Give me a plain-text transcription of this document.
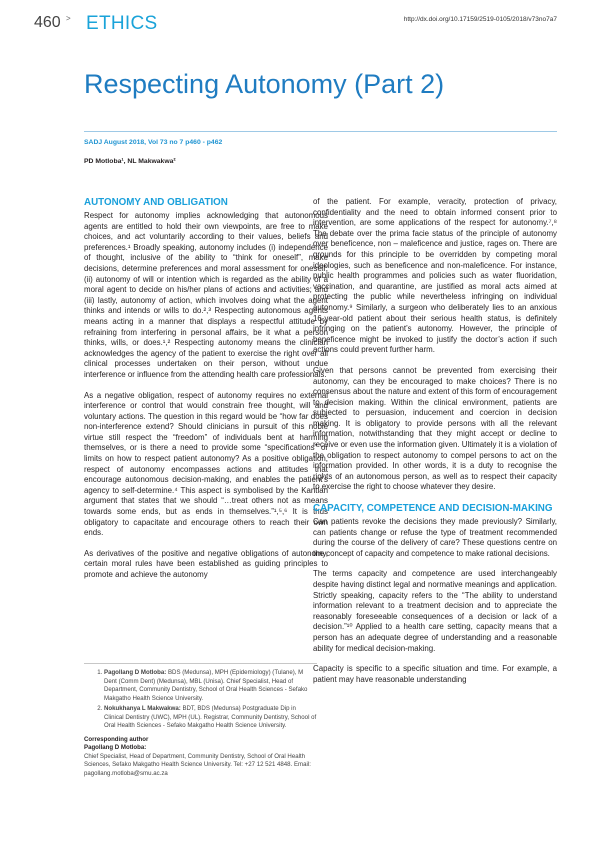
460 > ETHICS	http://dx.doi.org/10.17159/2519-0105/2018/v73no7a7
Respecting Autonomy (Part 2)
SADJ August 2018, Vol 73 no 7 p460 - p462
PD Motloba¹, NL Makwakwa²
AUTONOMY AND OBLIGATION

Respect for autonomy implies acknowledging that autonomous agents are entitled to hold their own viewpoints, are free to make choices, and act voluntarily according to their values, beliefs and preferences.¹ Broadly speaking, autonomy includes (i) independence of thought, inclusive of the ability to “think for oneself”, make decisions, determine preferences and moral assessment for oneself; (ii) autonomy of will or intention which is regarded as the ability of a moral agent to decide on his/her plans of actions and activities; and (iii) lastly, autonomy of action, which involves doing what the agent thinks and intends or wills to do.²,³ Respecting autonomous agents means acting in a manner that displays a respectful attitude by refraining from interfering in personal affairs, be it what a person thinks, wills, or does.¹,² Respecting autonomy means the clinician acknowledges the agency of the patient to exercise the right over all clinical processes undertaken on their person, without undue interference or influence from the attending health care professionals.

As a negative obligation, respect of autonomy requires no external interference or control that would constrain free thought, will and voluntary actions. The question in this regard would be “how far does non-interference extend? Should clinicians in pursuit of this noble virtue still respect the “freedom” of individuals bent at harming themselves, or is there a need to provide some “specifications” or limits on how to respect patient autonomy? As a positive obligation, respect of autonomy encompasses actions and attitudes that encourage autonomous decision-making, and enables the patient’s agency to self-determine.⁴ This aspect is symbolised by the Kantian argument that states that we should “…treat others not as means towards some ends, but as ends in themselves.”¹,⁵,⁶ It is thus obligatory to capacitate and encourage others to reach their own ends.

As derivatives of the positive and negative obligations of autonomy, certain moral rules have been established as guiding principles to promote and achieve the autonomy

of the patient. For example, veracity, protection of privacy, confidentiality and the need to obtain informed consent prior to intervention, are some applications of the respect for autonomy.⁷,⁸ The debate over the prima facie status of the principle of autonomy over beneficence, non – maleficence and justice, rages on. There are grounds for this principle to be overridden by competing moral ideologies, such as beneficence and non-maleficence. For instance, public health programmes and policies such as water fluoridation, vaccination, and quarantine, are justified as moral acts aimed at protecting the public while nevertheless infringing on individual autonomy.⁹ Similarly, a surgeon who deliberately lies to an anxious 16-year-old patient about their serious health status, is definitely infringing on the patient’s autonomy. However, the principle of beneficence might be invoked to justify the doctor’s action if such actions could prevent further harm.

Given that persons cannot be prevented from exercising their autonomy, can they be encouraged to make choices? There is no consensus about the nature and extent of this form of encouragement to decision making. Within the clinical environment, patients are subjected to persuasion, inducement and coercion in decision making. It is obligatory to provide persons with all the relevant information, notwithstanding that they might accept or decline to receive or even use the information given. Ultimately it is a violation of the obligation to respect autonomy to compel persons to act on the information provided. In other words, it is a duty to recognise the rights of an autonomous person, as well as to respect their capacity to exercise the right to choose whatever they desire.

CAPACITY, COMPETENCE AND DECISION-MAKING

Can patients revoke the decisions they made previously? Similarly, can patients change or refuse the type of treatment recommended during the course of the delivery of care? These questions centre on the concept of capacity and competence to make rational decisions.

The terms capacity and competence are used interchangeably despite having distinct legal and normative meanings and application. Strictly speaking, capacity refers to the “The ability to understand information relevant to a treatment decision and to appreciate the reasonably foreseeable consequences of a decision or lack of a decision.”¹⁰ Applied to a health care setting, capacity means that a person has an adequate degree of understanding and a reasonable ability for medical decision-making.

Capacity is specific to a specific situation and time. For example, a patient may have reasonable understanding

1. Pagollang D Motloba: BDS (Medunsa), MPH (Epidemiology) (Tulane), M Dent (Comm Dent) (Medunsa), MBL (Unisa). Chief Specialist, Head of Department, Community Dentistry, School of Oral Health Sciences - Sefako Makgatho Health Science University.
2. Nokukhanya L Makwakwa: BDT, BDS (Medunsa) Postgraduate Dip in Clinical Dentistry (UWC), MPH (UL). Registrar, Community Dentistry, School of Oral Health Sciences - Sefako Makgatho Health Science University.
Corresponding author
Pagollang D Motloba:
Chief Specialist, Head of Department, Community Dentistry, School of Oral Health Sciences, Sefako Makgatho Health Science University. Tel: +27 12 521 4848. Email: pagollang.motloba@smu.ac.za
